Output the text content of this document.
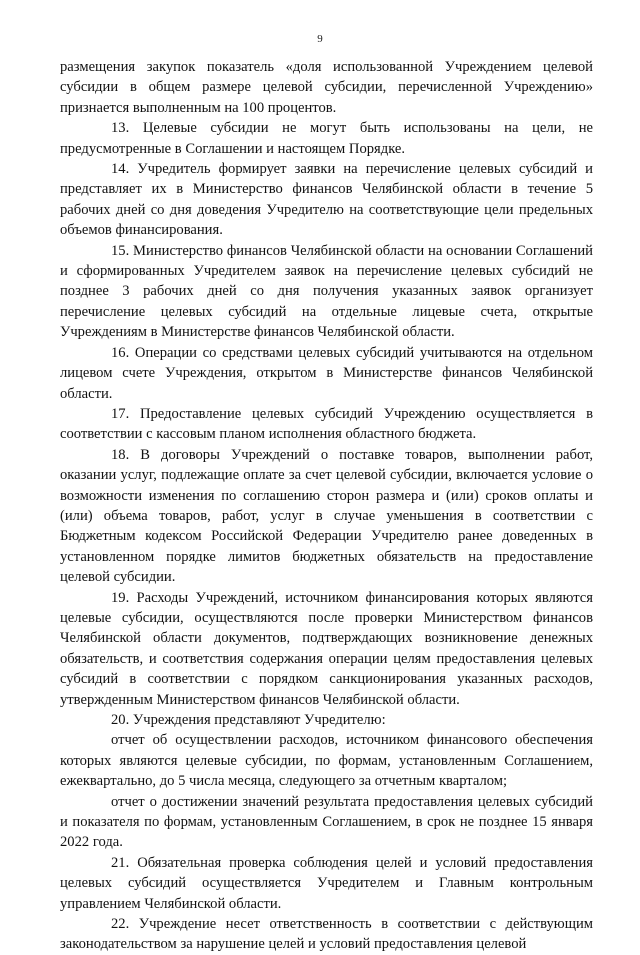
9

размещения закупок показатель «доля использованной Учреждением целевой субсидии в общем размере целевой субсидии, перечисленной Учреждению» признается выполненным на 100 процентов.

13. Целевые субсидии не могут быть использованы на цели, не предусмотренные в Соглашении и настоящем Порядке.

14. Учредитель формирует заявки на перечисление целевых субсидий и представляет их в Министерство финансов Челябинской области в течение 5 рабочих дней со дня доведения Учредителю на соответствующие цели предельных объемов финансирования.

15. Министерство финансов Челябинской области на основании Соглашений и сформированных Учредителем заявок на перечисление целевых субсидий не позднее 3 рабочих дней со дня получения указанных заявок организует перечисление целевых субсидий на отдельные лицевые счета, открытые Учреждениям в Министерстве финансов Челябинской области.

16. Операции со средствами целевых субсидий учитываются на отдельном лицевом счете Учреждения, открытом в Министерстве финансов Челябинской области.

17. Предоставление целевых субсидий Учреждению осуществляется в соответствии с кассовым планом исполнения областного бюджета.

18. В договоры Учреждений о поставке товаров, выполнении работ, оказании услуг, подлежащие оплате за счет целевой субсидии, включается условие о возможности изменения по соглашению сторон размера и (или) сроков оплаты и (или) объема товаров, работ, услуг в случае уменьшения в соответствии с Бюджетным кодексом Российской Федерации Учредителю ранее доведенных в установленном порядке лимитов бюджетных обязательств на предоставление целевой субсидии.

19. Расходы Учреждений, источником финансирования которых являются целевые субсидии, осуществляются после проверки Министерством финансов Челябинской области документов, подтверждающих возникновение денежных обязательств, и соответствия содержания операции целям предоставления целевых субсидий в соответствии с порядком санкционирования указанных расходов, утвержденным Министерством финансов Челябинской области.

20. Учреждения представляют Учредителю:

отчет об осуществлении расходов, источником финансового обеспечения которых являются целевые субсидии, по формам, установленным Соглашением, ежеквартально, до 5 числа месяца, следующего за отчетным кварталом;

отчет о достижении значений результата предоставления целевых субсидий и показателя по формам, установленным Соглашением, в срок не позднее 15 января 2022 года.

21. Обязательная проверка соблюдения целей и условий предоставления целевых субсидий осуществляется Учредителем и Главным контрольным управлением Челябинской области.

22. Учреждение несет ответственность в соответствии с действующим законодательством за нарушение целей и условий предоставления целевой
